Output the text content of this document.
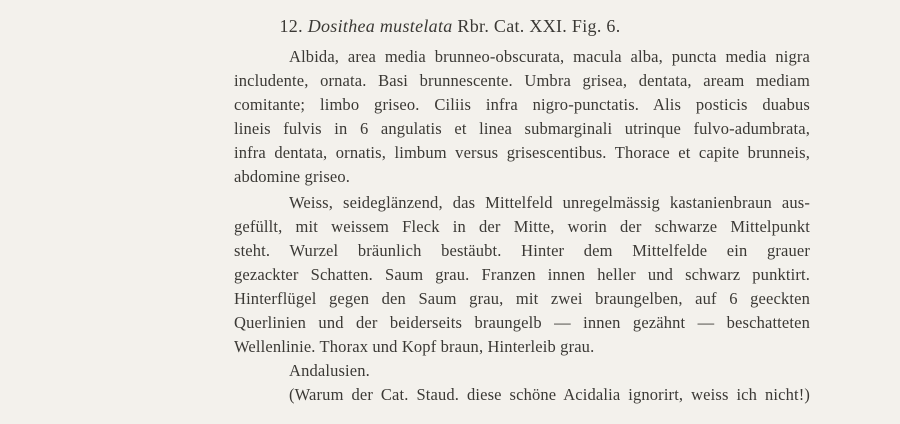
12. Dosithea mustelata Rbr. Cat. XXI. Fig. 6.
Albida, area media brunneo-obscurata, macula alba, puncta media nigra
includente, ornata. Basi brunnescente. Umbra grisea, dentata, aream mediam
comitante; limbo griseo. Ciliis infra nigro-punctatis. Alis posticis duabus
lineis fulvis in 6 angulatis et linea submarginali utrinque fulvo-adumbrata,
infra dentata, ornatis, limbum versus grisescentibus. Thorace et capite brunneis,
abdomine griseo.
Weiss, seideglänzend, das Mittelfeld unregelmässig kastanienbraun aus-
gefüllt, mit weissem Fleck in der Mitte, worin der schwarze Mittelpunkt
steht. Wurzel bräunlich bestäubt. Hinter dem Mittelfelde ein grauer
gezackter Schatten. Saum grau. Franzen innen heller und schwarz punktirt.
Hinterflügel gegen den Saum grau, mit zwei braungelben, auf 6 geeckten
Querlinien und der beiderseits braungelb — innen gezähnt — beschatteten
Wellenlinie. Thorax und Kopf braun, Hinterleib grau.
Andalusien.
(Warum der Cat. Staud. diese schöne Acidalia ignorirt, weiss ich nicht!)
